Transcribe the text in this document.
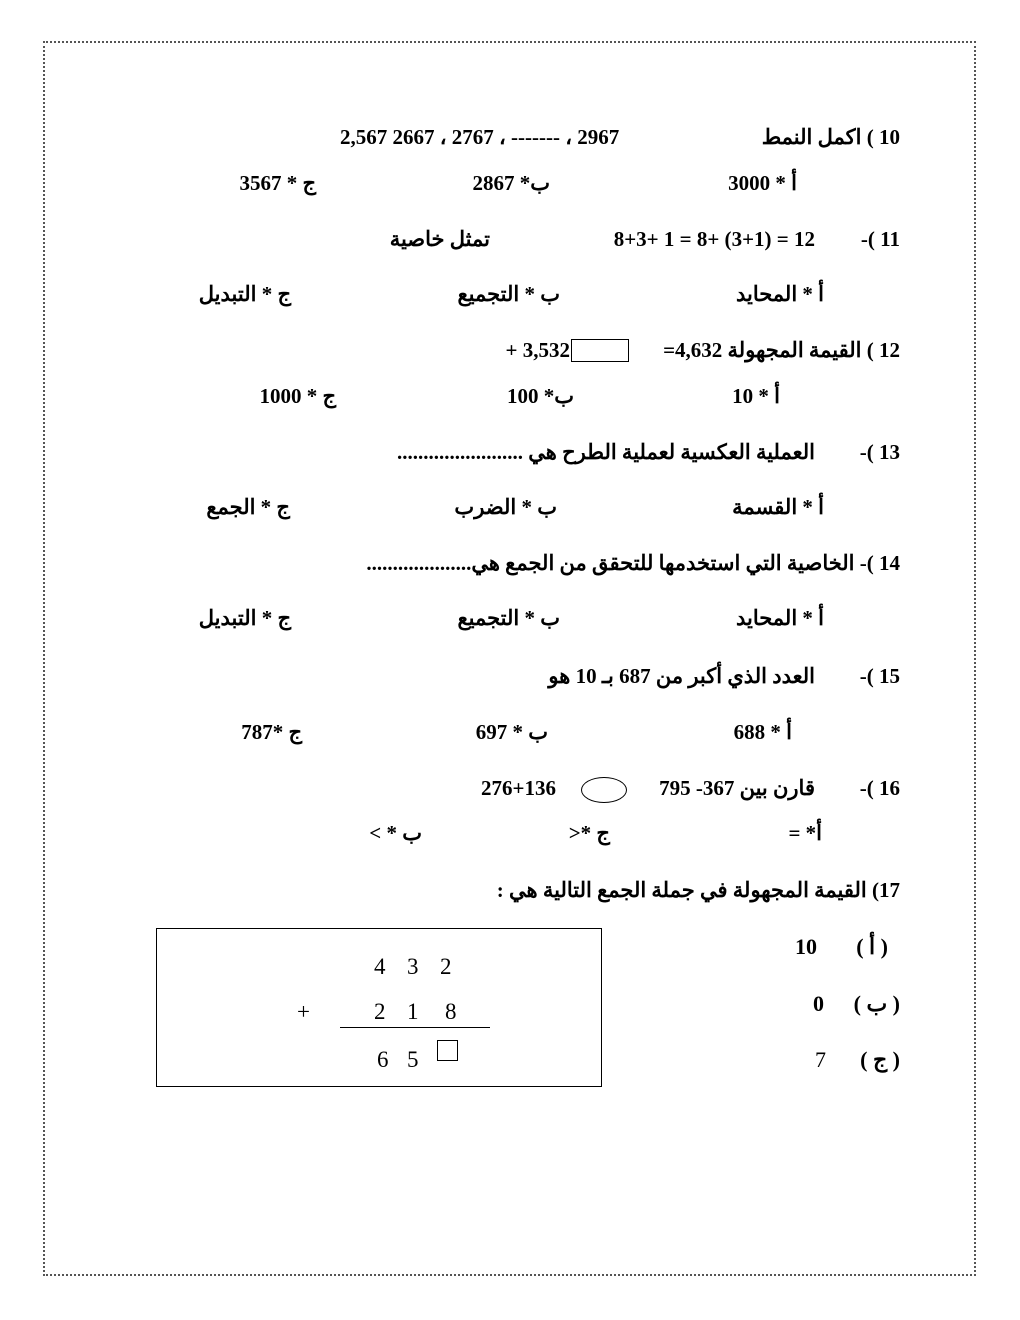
10 ) اكمل النمط
2,567 2667 ، 2767 ، ------- ، 2967
أ * 3000
ب* 2867
ج * 3567
11 )-
12 = (3+1) +8 = 1 +8+3
تمثل خاصية
أ * المحايد
ب * التجميع
ج * التبديل
12 ) القيمة المجهولة 4,632=
3,532 +
أ * 10
ب* 100
ج * 1000
13 )-
العملية العكسية لعملية الطرح هي ........................
أ * القسمة
ب * الضرب
ج * الجمع
14 )- الخاصية التي استخدمها للتحقق من الجمع هي....................
أ * المحايد
ب * التجميع
ج * التبديل
15 )-
العدد الذي أكبر من 687 بـ 10 هو
أ * 688
ب * 697
ج *787
16 )-
قارن بين 367- 795
276+136
أ* =
ج *<
ب * >
17) القيمة المجهولة في جملة الجمع التالية هي :
4 3 2
+	2 1 8
6 5
( أ )
10
( ب )
0
( ج )
7
